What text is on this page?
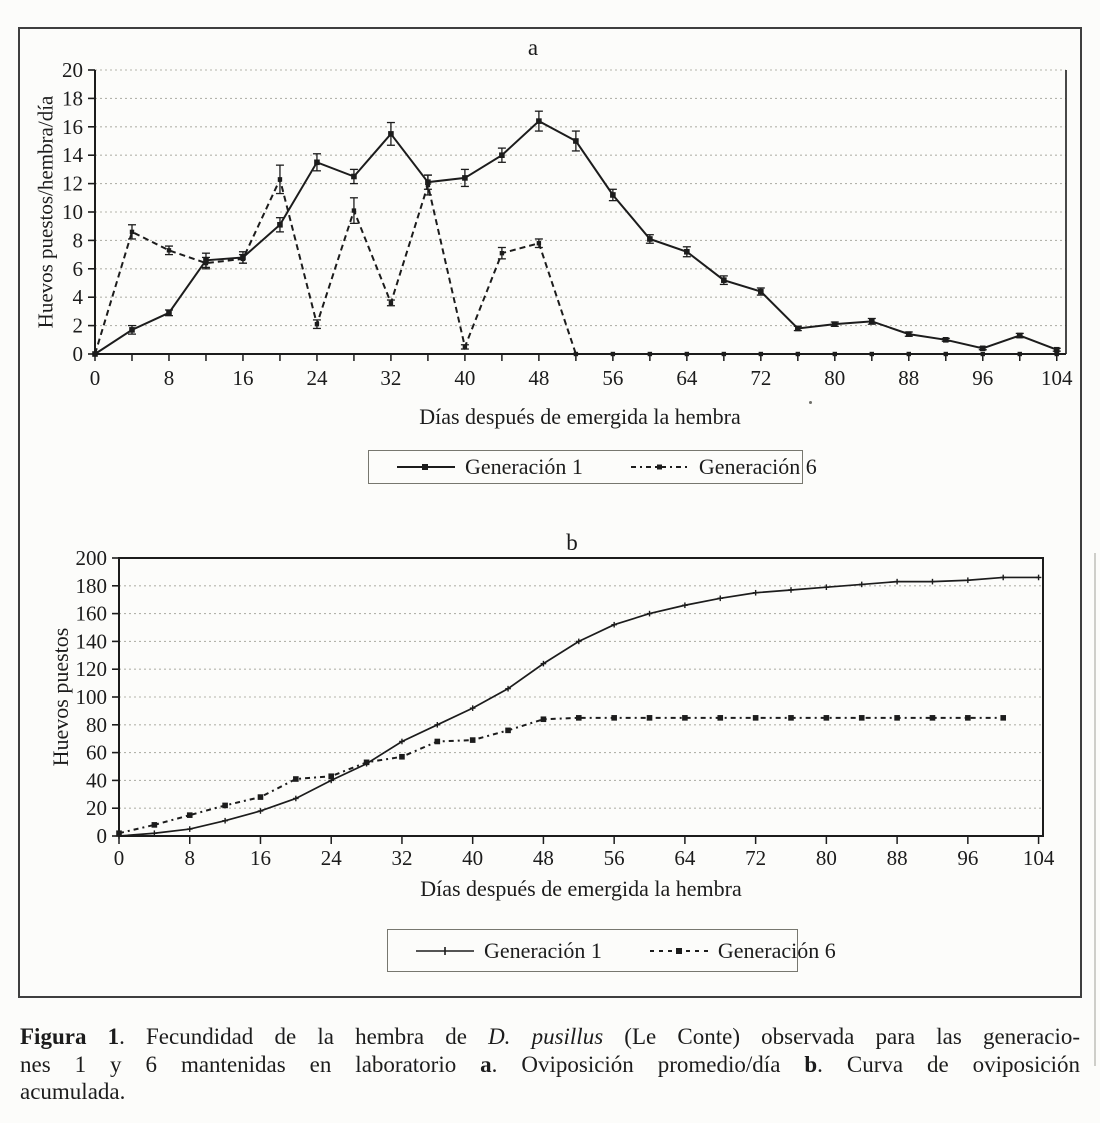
0
2
4
6
8
10
12
14
16
18
20
0	8	16	24	32	40	48	56	64	72	80	88	96 104
0
20
40
60
80
100
120
140
160
180
200
0	8	16 24 32 40 48 56 64 72 80 88 96 104
a
b
Huevos puestos/hembra/día
Huevos puestos
Días después de emergida la hembra
Días después de emergida la hembra
Generación 1	Generación 6
Generación 1	Generación 6
Figura 1. Fecundidad de la hembra de D. pusillus (Le Conte) observada para las generacio-
nes 1 y 6 mantenidas en laboratorio a. Oviposición promedio/día b. Curva de oviposición
acumulada.
